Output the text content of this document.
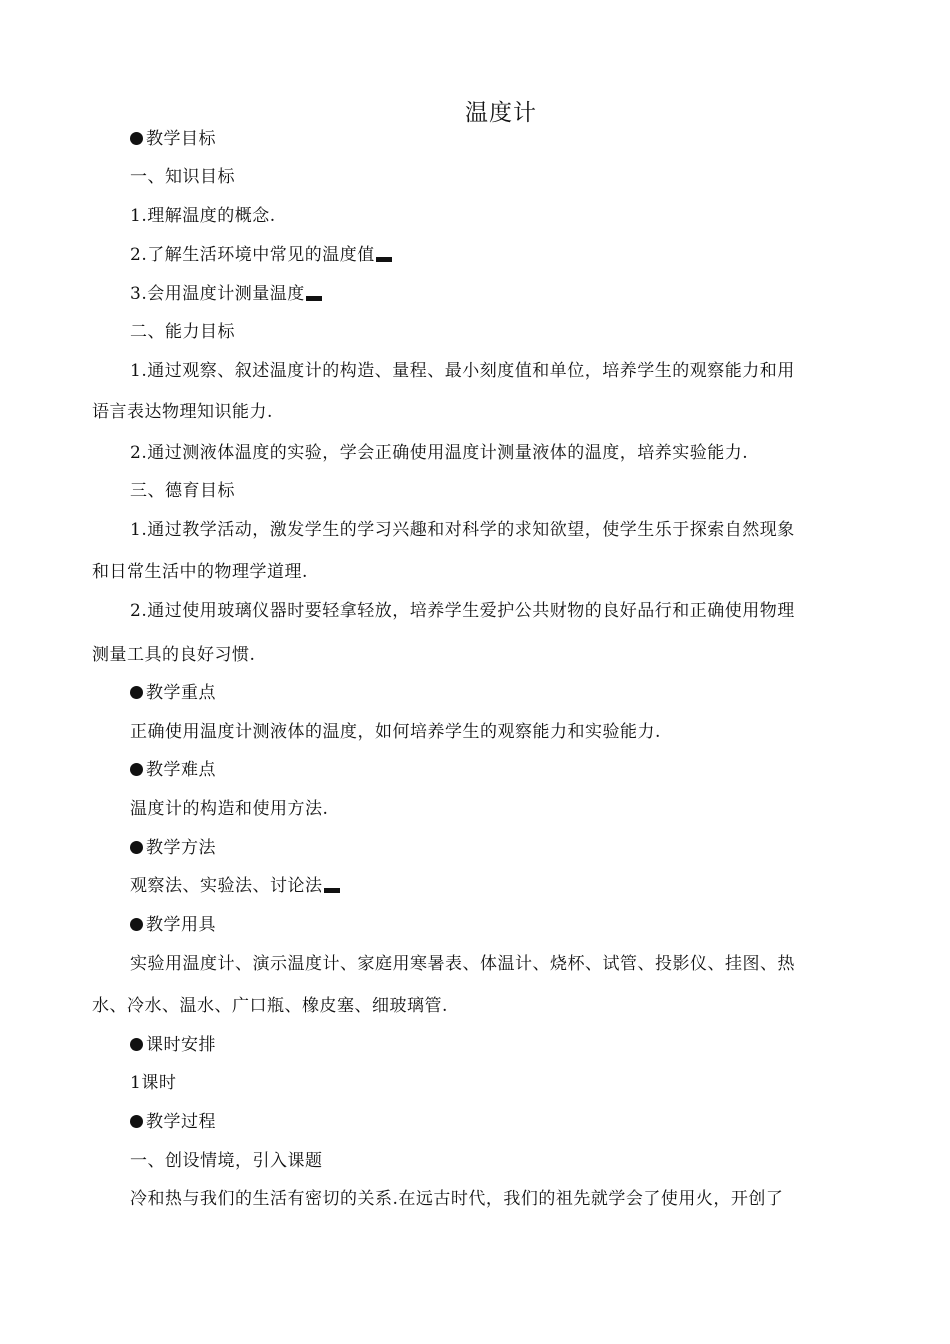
温度计
教学目标
一、知识目标
1.理解温度的概念.
2.了解生活环境中常见的温度值
3.会用温度计测量温度
二、能力目标
1.通过观察、叙述温度计的构造、量程、最小刻度值和单位，培养学生的观察能力和用
语言表达物理知识能力.
2.通过测液体温度的实验，学会正确使用温度计测量液体的温度，培养实验能力.
三、德育目标
1.通过教学活动，激发学生的学习兴趣和对科学的求知欲望，使学生乐于探索自然现象
和日常生活中的物理学道理.
2.通过使用玻璃仪器时要轻拿轻放，培养学生爱护公共财物的良好品行和正确使用物理
测量工具的良好习惯.
教学重点
正确使用温度计测液体的温度，如何培养学生的观察能力和实验能力.
教学难点
温度计的构造和使用方法.
教学方法
观察法、实验法、讨论法
教学用具
实验用温度计、演示温度计、家庭用寒暑表、体温计、烧杯、试管、投影仪、挂图、热
水、冷水、温水、广口瓶、橡皮塞、细玻璃管.
课时安排
1课时
教学过程
一、创设情境，引入课题
冷和热与我们的生活有密切的关系.在远古时代，我们的祖先就学会了使用火，开创了
